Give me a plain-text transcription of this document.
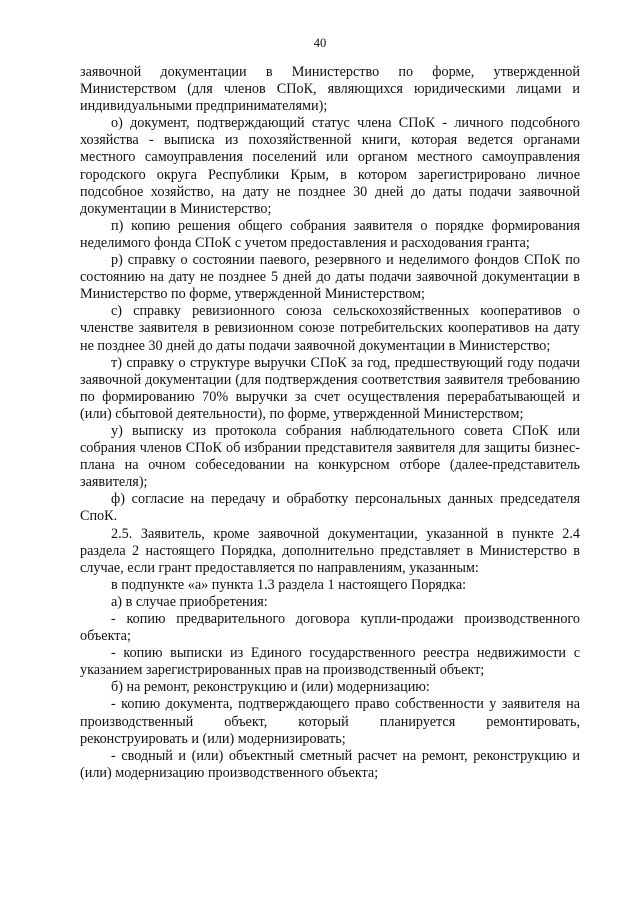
40

заявочной документации в Министерство по форме, утвержденной Министерством (для членов СПоК, являющихся юридическими лицами и индивидуальными предпринимателями);

о) документ, подтверждающий статус члена СПоК - личного подсобного хозяйства - выписка из похозяйственной книги, которая ведется органами местного самоуправления поселений или органом местного самоуправления городского округа Республики Крым, в котором зарегистрировано личное подсобное хозяйство, на дату не позднее 30 дней до даты подачи заявочной документации в Министерство;

п) копию решения общего собрания заявителя о порядке формирования неделимого фонда СПоК с учетом предоставления и расходования гранта;

р) справку о состоянии паевого, резервного и неделимого фондов СПоК по состоянию на дату не позднее 5 дней до даты подачи заявочной документации в Министерство по форме, утвержденной Министерством;

с) справку ревизионного союза сельскохозяйственных кооперативов о членстве заявителя в ревизионном союзе потребительских кооперативов на дату не позднее 30 дней до даты подачи заявочной документации в Министерство;

т) справку о структуре выручки СПоК за год, предшествующий году подачи заявочной документации (для подтверждения соответствия заявителя требованию по формированию 70% выручки за счет осуществления перерабатывающей и (или) сбытовой деятельности), по форме, утвержденной Министерством;

у) выписку из протокола собрания наблюдательного совета СПоК или собрания членов СПоК об избрании представителя заявителя для защиты бизнес-плана на очном собеседовании на конкурсном отборе (далее-представитель заявителя);

ф) согласие на передачу и обработку персональных данных председателя СпоК.

2.5. Заявитель, кроме заявочной документации, указанной в пункте 2.4 раздела 2 настоящего Порядка, дополнительно представляет в Министерство в случае, если грант предоставляется по направлениям, указанным:

в подпункте «а» пункта 1.3 раздела 1 настоящего Порядка:

а) в случае приобретения:

- копию предварительного договора купли-продажи производственного объекта;

- копию выписки из Единого государственного реестра недвижимости с указанием зарегистрированных прав на производственный объект;

б) на ремонт, реконструкцию и (или) модернизацию:

- копию документа, подтверждающего право собственности у заявителя на производственный объект, который планируется ремонтировать, реконструировать и (или) модернизировать;

- сводный и (или) объектный сметный расчет на ремонт, реконструкцию и (или) модернизацию производственного объекта;
